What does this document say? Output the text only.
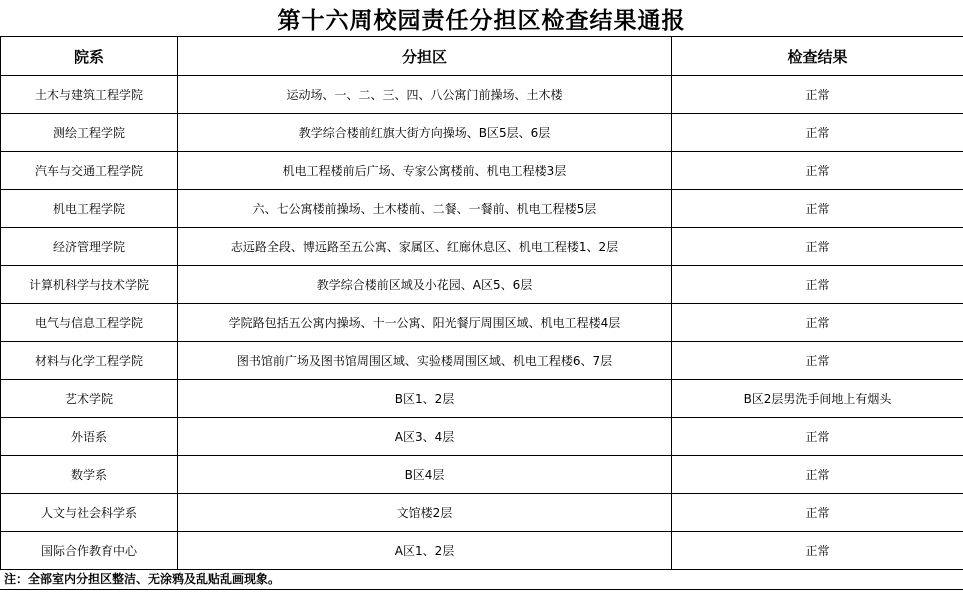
第十六周校园责任分担区检查结果通报
院系	分担区	检查结果
土木与建筑工程学院	运动场、一、二、三、四、八公寓门前操场、土木楼	正常
测绘工程学院	教学综合楼前红旗大街方向操场、B区5层、6层	正常
汽车与交通工程学院	机电工程楼前后广场、专家公寓楼前、机电工程楼3层	正常
机电工程学院	六、七公寓楼前操场、土木楼前、二餐、一餐前、机电工程楼5层	正常
经济管理学院	志远路全段、博远路至五公寓、家属区、红廊休息区、机电工程楼1、2层	正常
计算机科学与技术学院	教学综合楼前区域及小花园、A区5、6层	正常
电气与信息工程学院	学院路包括五公寓内操场、十一公寓、阳光餐厅周围区域、机电工程楼4层	正常
材料与化学工程学院	图书馆前广场及图书馆周围区域、实验楼周围区域、机电工程楼6、7层	正常
艺术学院	B区1、2层	B区2层男洗手间地上有烟头
外语系	A区3、4层	正常
数学系	B区4层	正常
人文与社会科学系	文馆楼2层	正常
国际合作教育中心	A区1、2层	正常
注：全部室内分担区整洁、无涂鸦及乱贴乱画现象。
